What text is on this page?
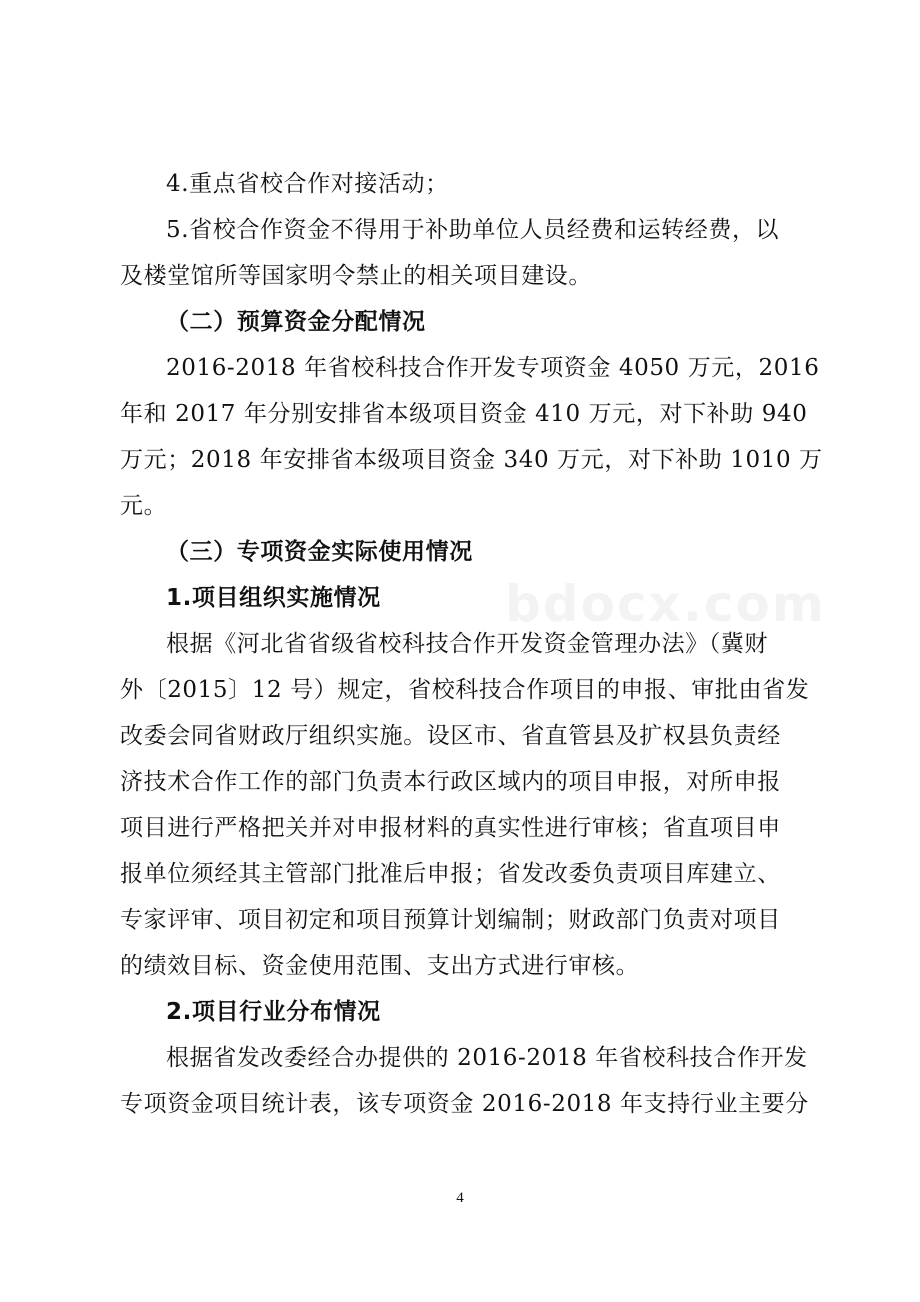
bdocx.com
4.重点省校合作对接活动；
5.省校合作资金不得用于补助单位人员经费和运转经费，以
及楼堂馆所等国家明令禁止的相关项目建设。
（二）预算资金分配情况
2016-2018 年省校科技合作开发专项资金 4050 万元，2016
年和 2017 年分别安排省本级项目资金 410 万元，对下补助 940
万元；2018 年安排省本级项目资金 340 万元，对下补助 1010 万
元。
（三）专项资金实际使用情况
1.项目组织实施情况
根据《河北省省级省校科技合作开发资金管理办法》（冀财
外〔2015〕12 号）规定，省校科技合作项目的申报、审批由省发
改委会同省财政厅组织实施。设区市、省直管县及扩权县负责经
济技术合作工作的部门负责本行政区域内的项目申报，对所申报
项目进行严格把关并对申报材料的真实性进行审核；省直项目申
报单位须经其主管部门批准后申报；省发改委负责项目库建立、
专家评审、项目初定和项目预算计划编制；财政部门负责对项目
的绩效目标、资金使用范围、支出方式进行审核。
2.项目行业分布情况
根据省发改委经合办提供的 2016-2018 年省校科技合作开发
专项资金项目统计表，该专项资金 2016-2018 年支持行业主要分
4
